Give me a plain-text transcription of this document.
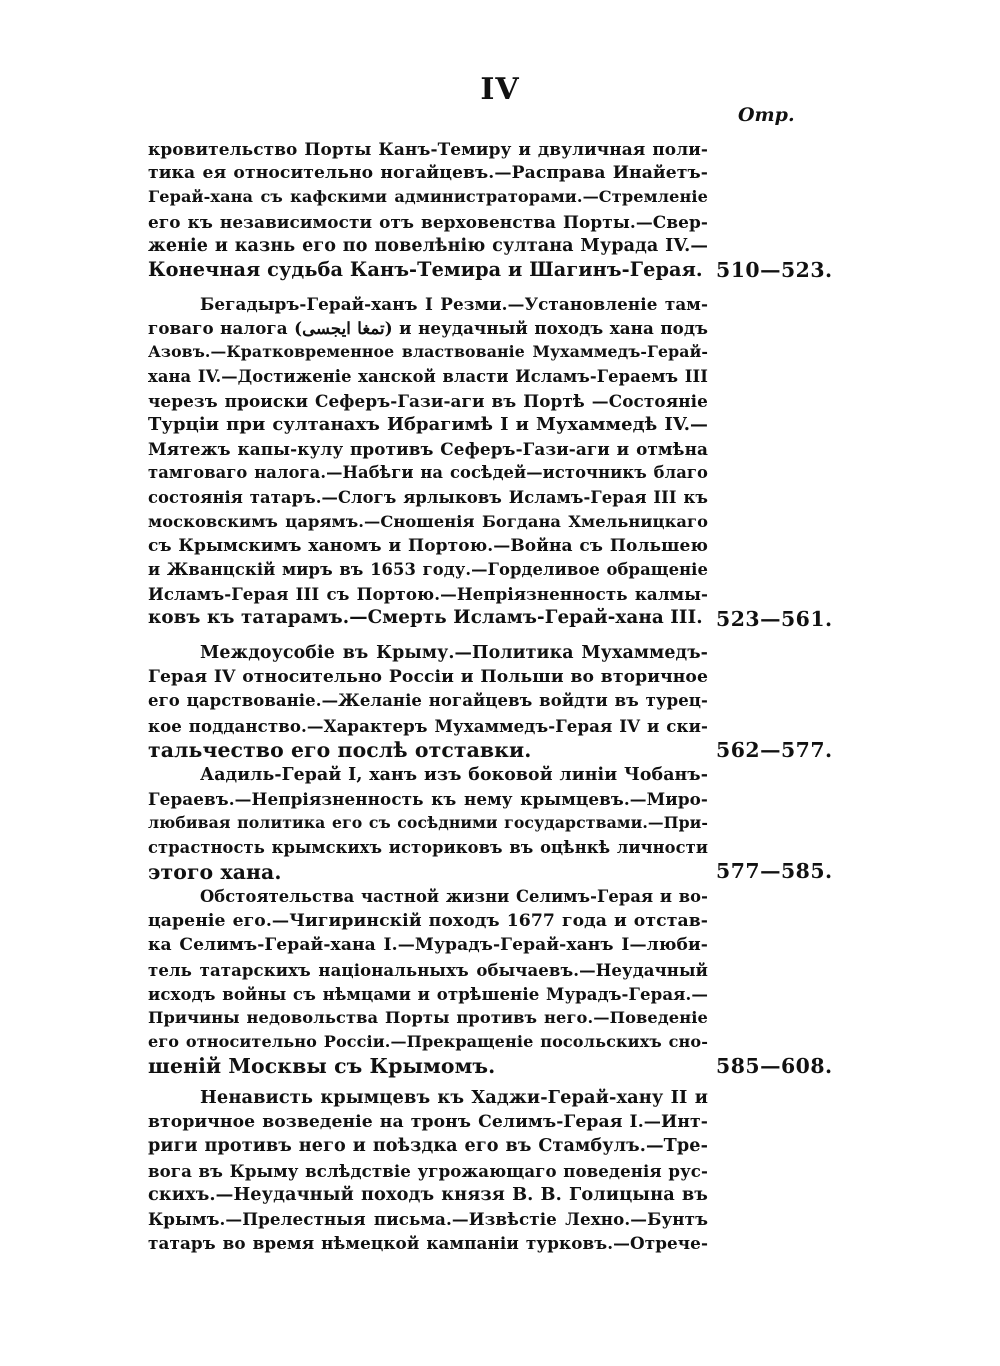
IV
Отр.
кровительство Порты Канъ-Темиру и двуличная поли-
тика ея относительно ногайцевъ.—Расправа Инайетъ-
Герай-хана съ кафскими администраторами.—Стремленіе
его къ независимости отъ верховенства Порты.—Свер-
женіе и казнь его по повелѣнію султана Мурада IV.—
Конечная судьба Канъ-Темира и Шагинъ-Герая. 510—523.
Бегадыръ-Герай-ханъ I Резми.—Установленіе там-
говаго налога (تمغا ايجسى) и неудачный походъ хана подъ
Азовъ.—Кратковременное властвованіе Мухаммедъ-Герай-
хана IV.—Достиженіе ханской власти Исламъ-Гераемъ III
черезъ происки Сеферъ-Гази-аги въ Портѣ —Состояніе
Турціи при султанахъ Ибрагимѣ I и Мухаммедѣ IV.—
Мятежъ капы-кулу противъ Сеферъ-Гази-аги и отмѣна
тамговаго налога.—Набѣги на сосѣдей—источникъ благо
состоянія татаръ.—Слогъ ярлыковъ Исламъ-Герая III къ
московскимъ царямъ.—Сношенія Богдана Хмельницкаго
съ Крымскимъ ханомъ и Портою.—Война съ Польшею
и Жванцскій миръ въ 1653 году.—Горделивое обращеніе
Исламъ-Герая III съ Портою.—Непріязненность калмы-
ковъ къ татарамъ.—Смерть Исламъ-Герай-хана III. 523—561.
Междоусобіе въ Крыму.—Политика Мухаммедъ-
Герая IV относительно Россіи и Польши во вторичное
его царствованіе.—Желаніе ногайцевъ войдти въ турец-
кое подданство.—Характеръ Мухаммедъ-Герая IV и ски-
тальчество его послѣ отставки.	562—577.
Аадиль-Герай I, ханъ изъ боковой линіи Чобанъ-
Гераевъ.—Непріязненность къ нему крымцевъ.—Миро-
любивая политика его съ сосѣдними государствами.—При-
страстность крымскихъ историковъ въ оцѣнкѣ личности
этого хана.	577—585.
Обстоятельства частной жизни Селимъ-Герая и во-
цареніе его.—Чигиринскій походъ 1677 года и отстав-
ка Селимъ-Герай-хана I.—Мурадъ-Герай-ханъ I—люби-
тель татарскихъ національныхъ обычаевъ.—Неудачный
исходъ войны съ нѣмцами и отрѣшеніе Мурадъ-Герая.—
Причины недовольства Порты противъ него.—Поведеніе
его относительно Россіи.—Прекращеніе посольскихъ сно-
шеній Москвы съ Крымомъ.	585—608.
Ненависть крымцевъ къ Хаджи-Герай-хану II и
вторичное возведеніе на тронъ Селимъ-Герая I.—Инт-
риги противъ него и поѣздка его въ Стамбулъ.—Тре-
вога въ Крыму вслѣдствіе угрожающаго поведенія рус-
скихъ.—Неудачный походъ князя В. В. Голицына въ
Крымъ.—Прелестныя письма.—Извѣстіе Лехно.—Бунтъ
татаръ во время нѣмецкой кампаніи турковъ.—Отрече-
